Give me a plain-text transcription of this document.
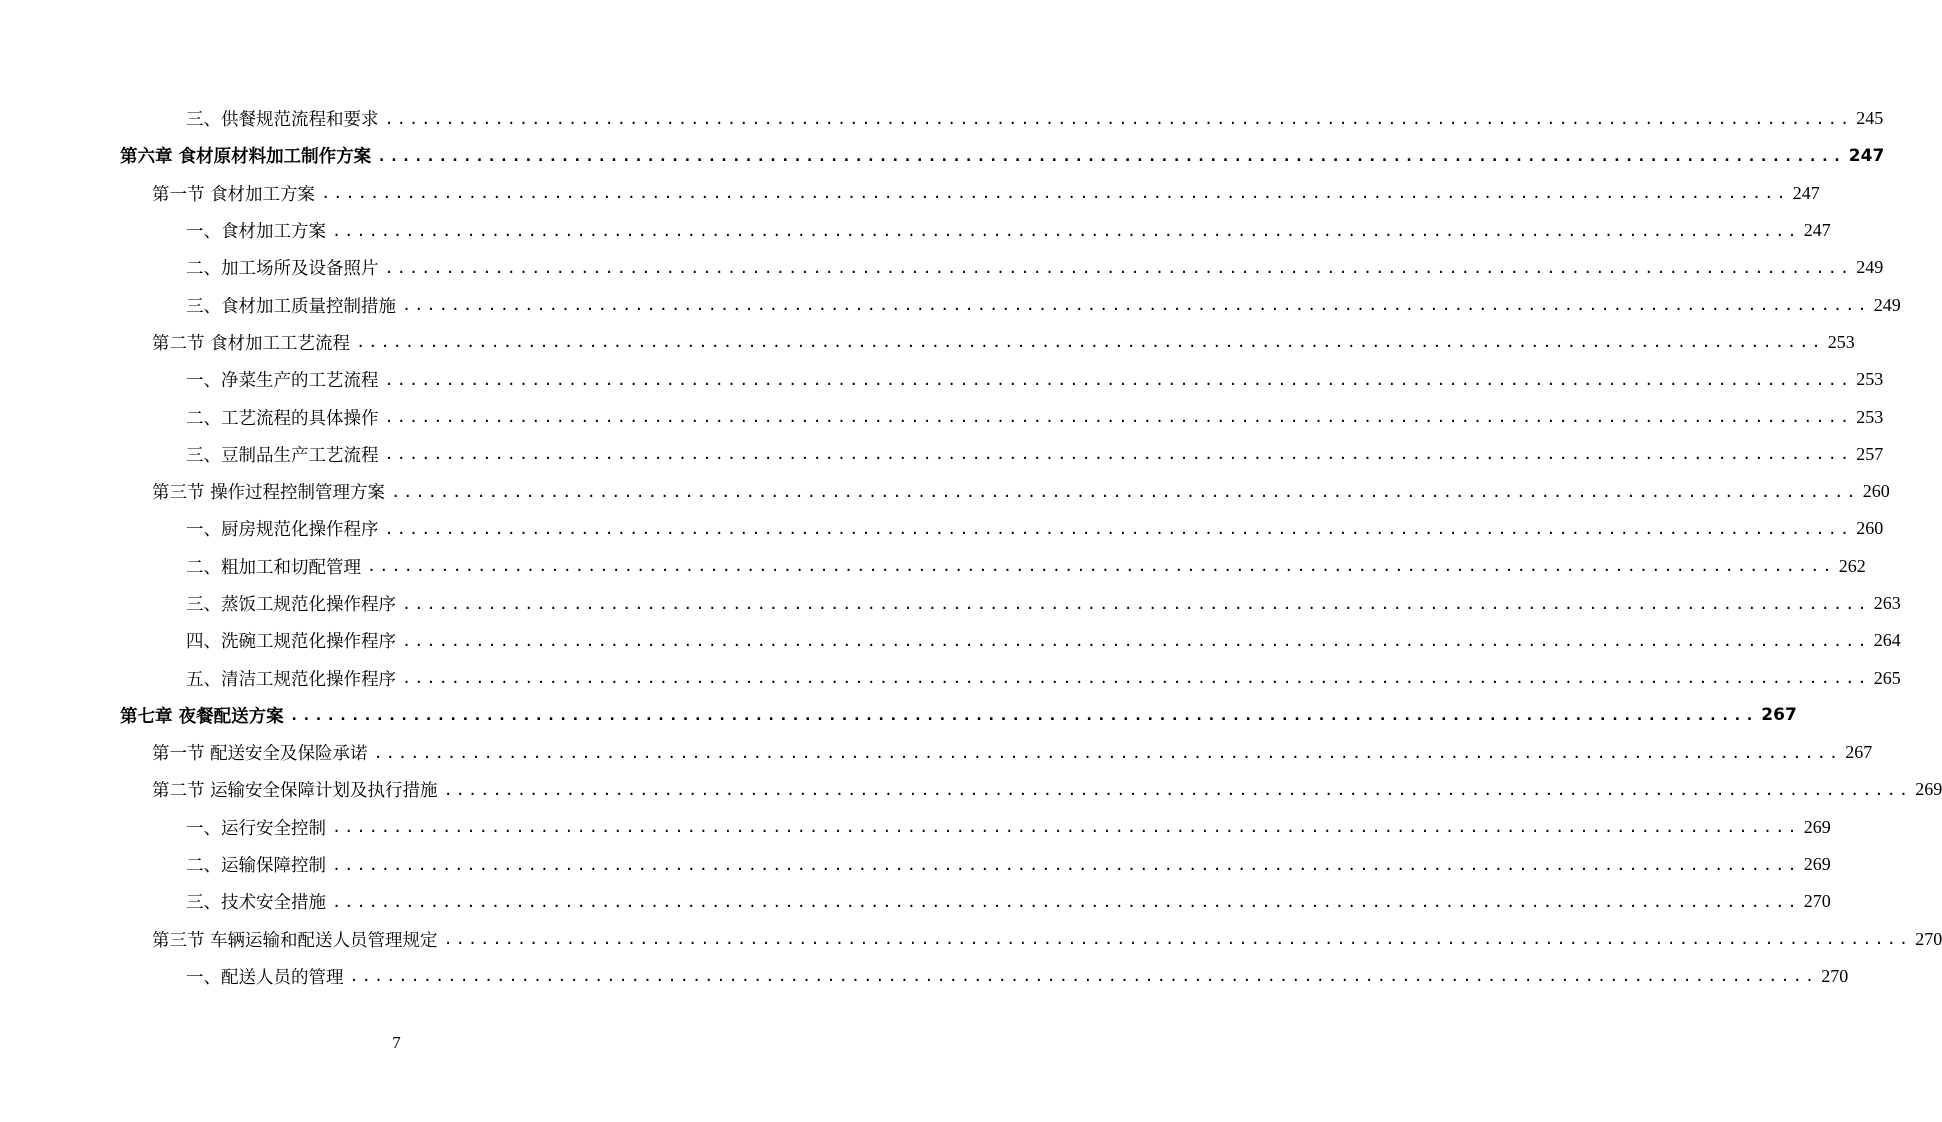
三、供餐规范流程和要求 ........................................................................................................................ 245
第六章 食材原材料加工制作方案 ........................................................................................................................ 247
第一节 食材加工方案 ........................................................................................................................ 247
一、食材加工方案 ........................................................................................................................ 247
二、加工场所及设备照片 ........................................................................................................................ 249
三、食材加工质量控制措施 ........................................................................................................................ 249
第二节 食材加工工艺流程 ........................................................................................................................ 253
一、净菜生产的工艺流程 ........................................................................................................................ 253
二、工艺流程的具体操作 ........................................................................................................................ 253
三、豆制品生产工艺流程 ........................................................................................................................ 257
第三节 操作过程控制管理方案 ........................................................................................................................ 260
一、厨房规范化操作程序 ........................................................................................................................ 260
二、粗加工和切配管理 ........................................................................................................................ 262
三、蒸饭工规范化操作程序 ........................................................................................................................ 263
四、洗碗工规范化操作程序 ........................................................................................................................ 264
五、清洁工规范化操作程序 ........................................................................................................................ 265
第七章 夜餐配送方案 ........................................................................................................................ 267
第一节 配送安全及保险承诺 ........................................................................................................................ 267
第二节 运输安全保障计划及执行措施 ........................................................................................................................ 269
一、运行安全控制 ........................................................................................................................ 269
二、运输保障控制 ........................................................................................................................ 269
三、技术安全措施 ........................................................................................................................ 270
第三节 车辆运输和配送人员管理规定 ........................................................................................................................ 270
一、配送人员的管理 ........................................................................................................................ 270
7
